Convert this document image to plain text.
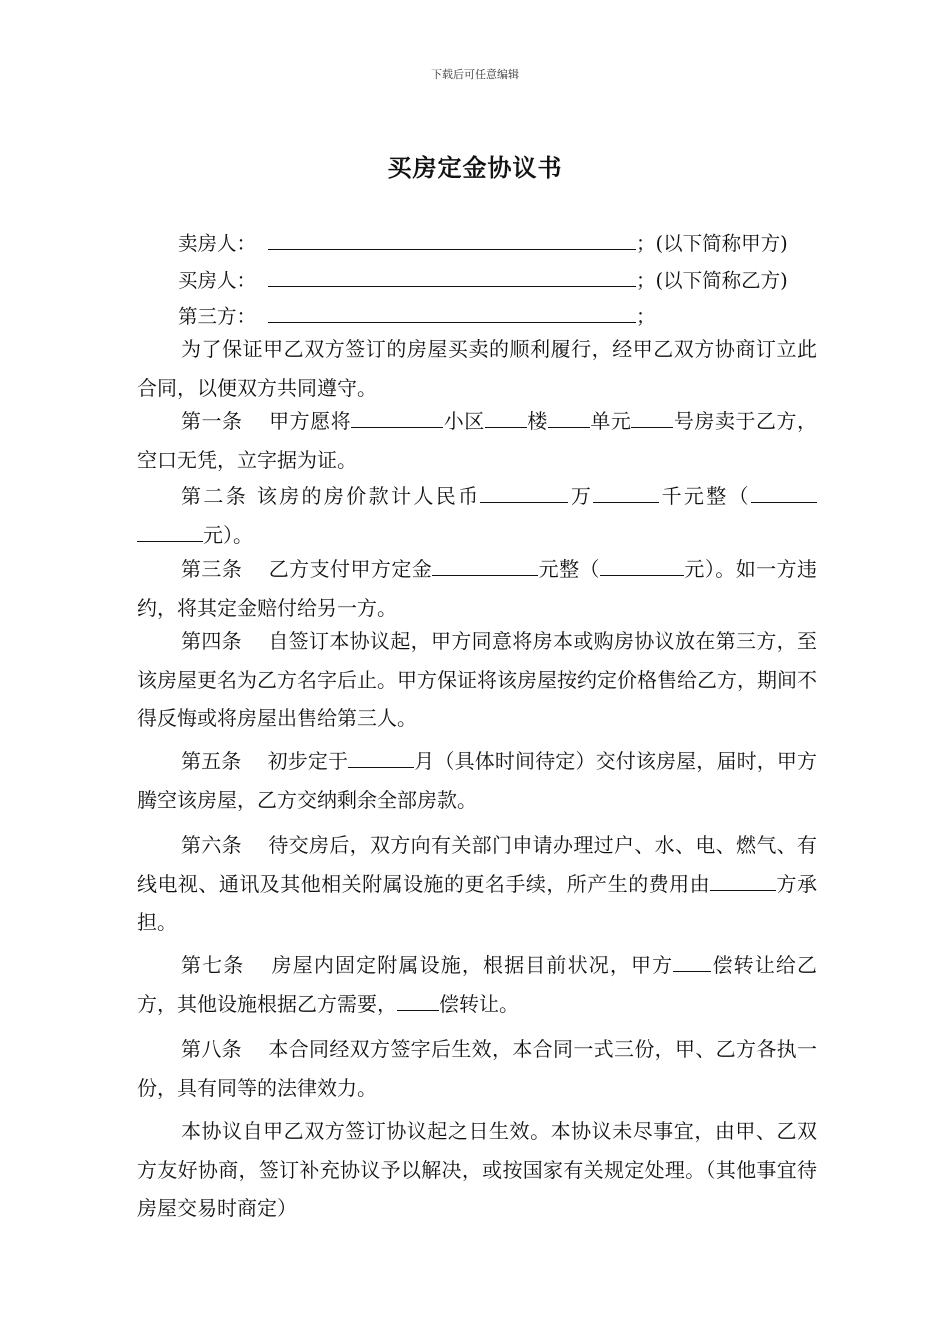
下载后可任意编辑
买房定金协议书
卖房人：	；(以下简称甲方)
买房人：	；(以下简称乙方)
第三方：	；
为了保证甲乙双方签订的房屋买卖的顺利履行，经甲乙双方协商订立此合同，以便双方共同遵守。
第一条 甲方愿将	小区 楼 单元 号房卖于乙方，空口无凭，立字据为证。
第二条 该房的房价款计人民币	万	千元整（元）。
第三条 乙方支付甲方定金	元整（	元）。如一方违约，将其定金赔付给另一方。
第四条 自签订本协议起，甲方同意将房本或购房协议放在第三方，至该房屋更名为乙方名字后止。甲方保证将该房屋按约定价格售给乙方，期间不得反悔或将房屋出售给第三人。
第五条 初步定于	月（具体时间待定）交付该房屋，届时，甲方腾空该房屋，乙方交纳剩余全部房款。
第六条 待交房后，双方向有关部门申请办理过户、水、电、燃气、有线电视、通讯及其他相关附属设施的更名手续，所产生的费用由	方承担。
第七条 房屋内固定附属设施，根据目前状况，甲方 偿转让给乙方，其他设施根据乙方需要， 偿转让。
第八条 本合同经双方签字后生效，本合同一式三份，甲、乙方各执一份，具有同等的法律效力。
本协议自甲乙双方签订协议起之日生效。本协议未尽事宜，由甲、乙双方友好协商，签订补充协议予以解决，或按国家有关规定处理。（其他事宜待房屋交易时商定）
